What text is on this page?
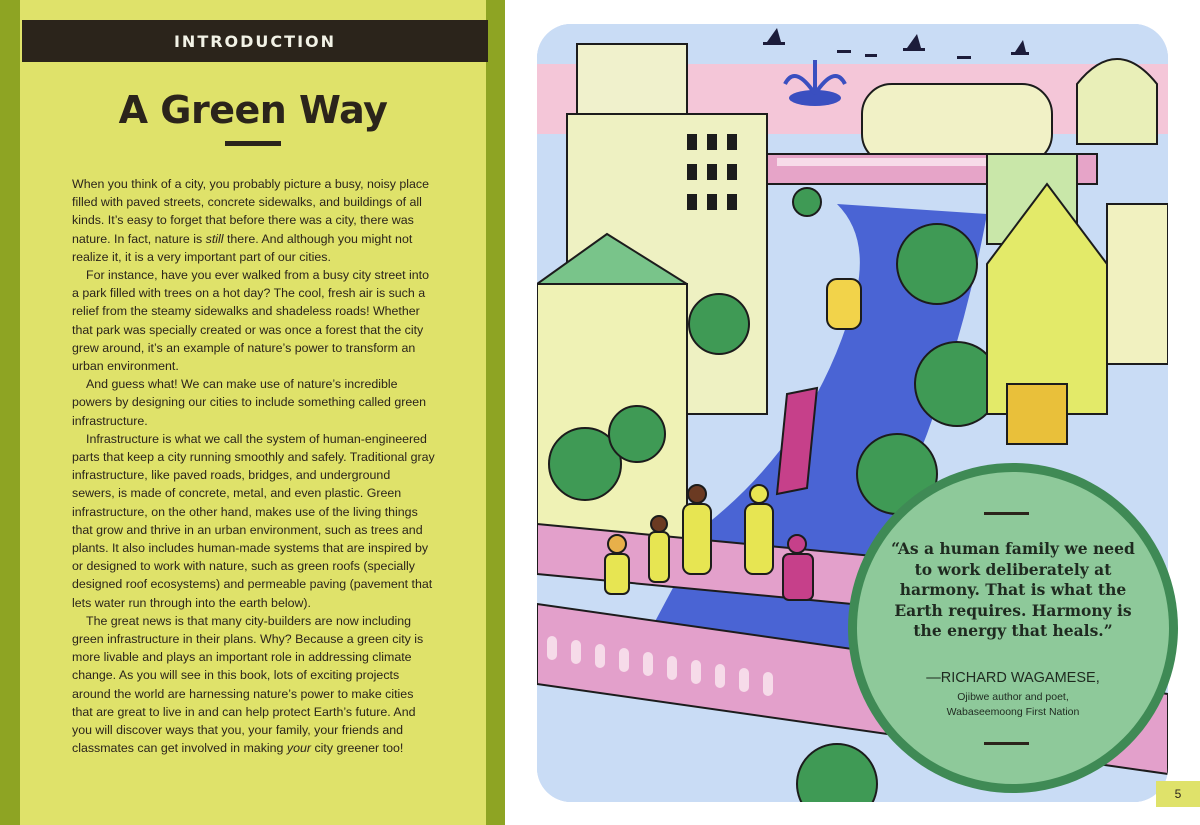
INTRODUCTION
A Green Way

When you think of a city, you probably picture a busy, noisy place filled with paved streets, concrete sidewalks, and buildings of all kinds. It’s easy to forget that before there was a city, there was nature. In fact, nature is still there. And although you might not realize it, it is a very important part of our cities.

For instance, have you ever walked from a busy city street into a park filled with trees on a hot day? The cool, fresh air is such a relief from the steamy sidewalks and shadeless roads! Whether that park was specially created or was once a forest that the city grew around, it’s an example of nature’s power to transform an urban environment.

And guess what! We can make use of nature’s incredible powers by designing our cities to include something called green infrastructure.

Infrastructure is what we call the system of human-engineered parts that keep a city running smoothly and safely. Traditional gray infrastructure, like paved roads, bridges, and underground sewers, is made of concrete, metal, and even plastic. Green infrastructure, on the other hand, makes use of the living things that grow and thrive in an urban environment, such as trees and plants. It also includes human-made systems that are inspired by or designed to work with nature, such as green roofs (specially designed roof ecosystems) and permeable paving (pavement that lets water run through into the earth below).

The great news is that many city-builders are now including green infrastructure in their plans. Why? Because a green city is more livable and plays an important role in addressing climate change. As you will see in this book, lots of exciting projects around the world are harnessing nature’s power to make cities that are great to live in and can help protect Earth’s future. And you will discover ways that you, your family, your friends and classmates can get involved in making your city greener too!

“As a human family we need to work deliberately at harmony. That is what the Earth requires. Harmony is the energy that heals.”
—RICHARD WAGAMESE,
Ojibwe author and poet,
Wabaseemoong First Nation
5
